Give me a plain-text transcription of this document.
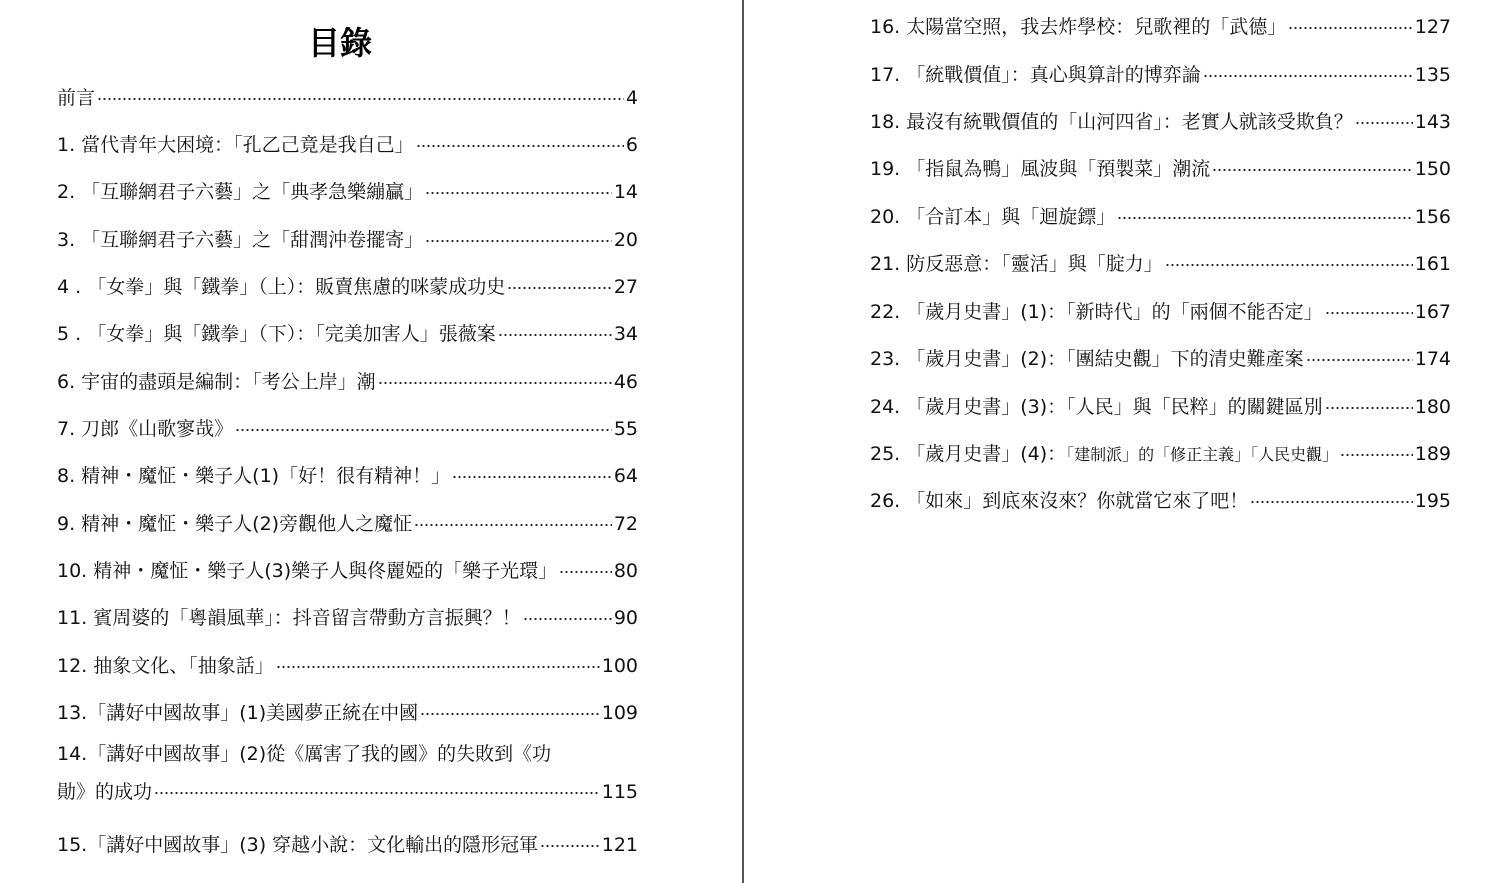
目錄
前言	4
1. 當代青年大困境：「孔乙己竟是我自己」	6
2. 「互聯網君子六藝」之「典孝急樂繃贏」	14
3. 「互聯網君子六藝」之「甜潤沖卷擺寄」	20
4 . 「女拳」與「鐵拳」（上）：販賣焦慮的咪蒙成功史	27
5 . 「女拳」與「鐵拳」（下）：「完美加害人」張薇案	34
6. 宇宙的盡頭是編制：「考公上岸」潮	46
7. 刀郎《山歌寥哉》	55
8. 精神・魔怔・樂子人(1)「好！很有精神！」	64
9. 精神・魔怔・樂子人(2)旁觀他人之魔怔	72
10. 精神・魔怔・樂子人(3)樂子人與佟麗婭的「樂子光環」	80
11. 賓周婆的「粵韻風華」：抖音留言帶動方言振興？！	90
12. 抽象文化、「抽象話」	100
13.「講好中國故事」(1)美國夢正統在中國	109
14.「講好中國故事」(2)從《厲害了我的國》的失敗到《功
勛》的成功	115
15.「講好中國故事」(3) 穿越小說：文化輸出的隱形冠軍	121
16. 太陽當空照，我去炸學校：兒歌裡的「武德」	127
17. 「統戰價值」：真心與算計的博弈論	135
18. 最沒有統戰價值的「山河四省」：老實人就該受欺負？	143
19. 「指鼠為鴨」風波與「預製菜」潮流	150
20. 「合訂本」與「迴旋鏢」	156
21. 防反惡意：「靈活」與「腚力」	161
22. 「歲月史書」(1)：「新時代」的「兩個不能否定」	167
23. 「歲月史書」(2)：「團結史觀」下的清史難產案	174
24. 「歲月史書」(3)：「人民」與「民粹」的關鍵區別	180
25. 「歲月史書」(4)：「建制派」的「修正主義」「人民史觀」	189
26. 「如來」到底來沒來？你就當它來了吧！	195
